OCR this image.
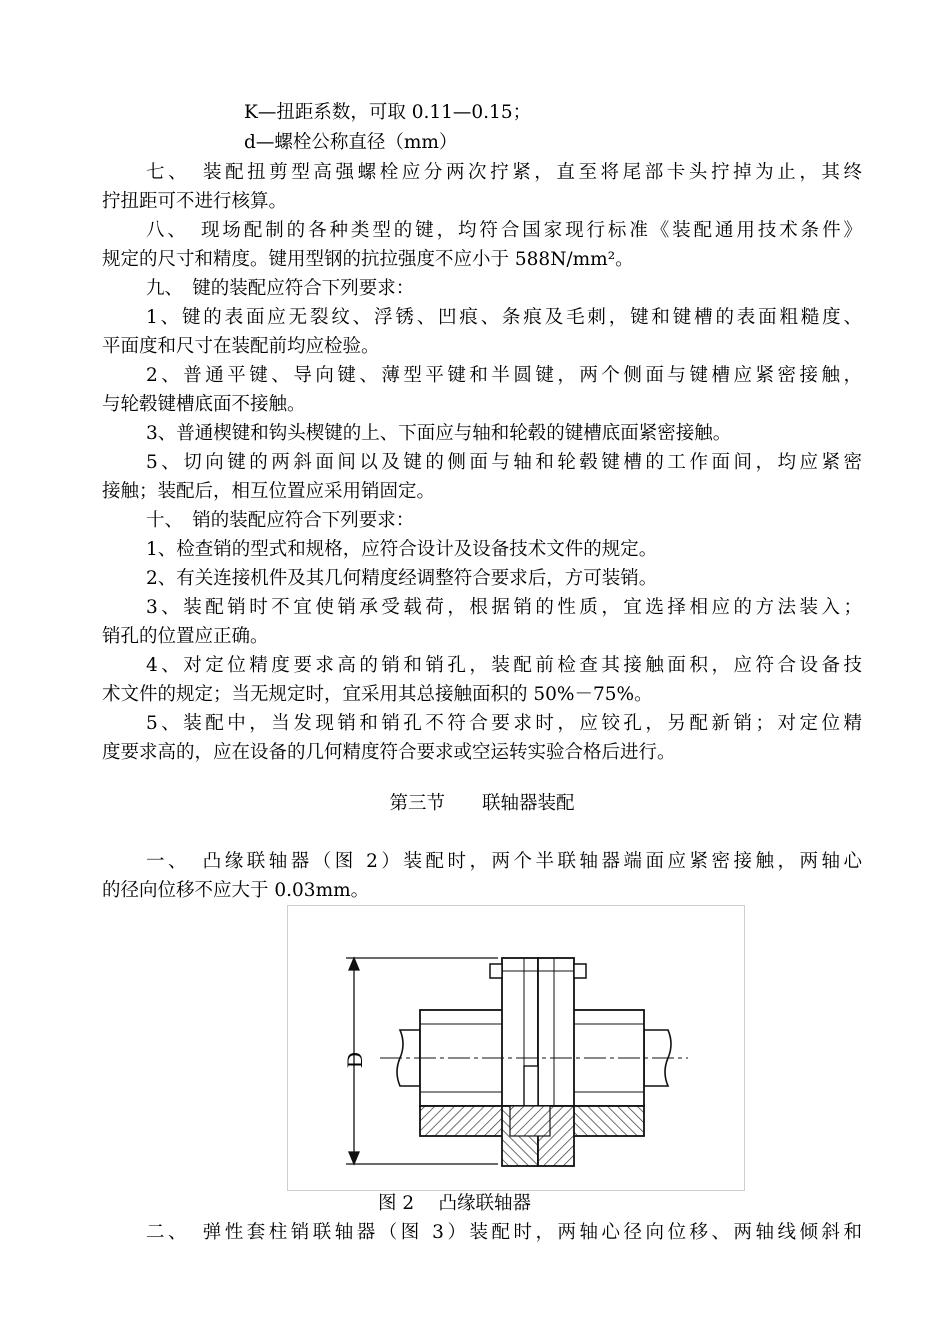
K—扭距系数，可取 0.11—0.15；
d—螺栓公称直径（mm）
七、　装配扭剪型高强螺栓应分两次拧紧，直至将尾部卡头拧掉为止，其终
拧扭距可不进行核算。
八、　现场配制的各种类型的键，均符合国家现行标准《装配通用技术条件》
规定的尺寸和精度。键用型钢的抗拉强度不应小于 588N/mm²。
九、　键的装配应符合下列要求：
1、键的表面应无裂纹、浮锈、凹痕、条痕及毛刺，键和键槽的表面粗糙度、
平面度和尺寸在装配前均应检验。
2、普通平键、导向键、薄型平键和半圆键，两个侧面与键槽应紧密接触，
与轮毂键槽底面不接触。
3、普通楔键和钩头楔键的上、下面应与轴和轮毂的键槽底面紧密接触。
5、切向键的两斜面间以及键的侧面与轴和轮毂键槽的工作面间，均应紧密
接触；装配后，相互位置应采用销固定。
十、　销的装配应符合下列要求：
1、检查销的型式和规格，应符合设计及设备技术文件的规定。
2、有关连接机件及其几何精度经调整符合要求后，方可装销。
3、装配销时不宜使销承受载荷，根据销的性质，宜选择相应的方法装入；
销孔的位置应正确。
4、对定位精度要求高的销和销孔，装配前检查其接触面积，应符合设备技
术文件的规定；当无规定时，宜采用其总接触面积的 50%－75%。
5、装配中，当发现销和销孔不符合要求时，应铰孔，另配新销；对定位精
度要求高的，应在设备的几何精度符合要求或空运转实验合格后进行。
第三节　　联轴器装配
一、　凸缘联轴器（图 2）装配时，两个半联轴器端面应紧密接触，两轴心
的径向位移不应大于 0.03mm。
D
图 2　 凸缘联轴器
二、　弹性套柱销联轴器（图 3）装配时，两轴心径向位移、两轴线倾斜和
